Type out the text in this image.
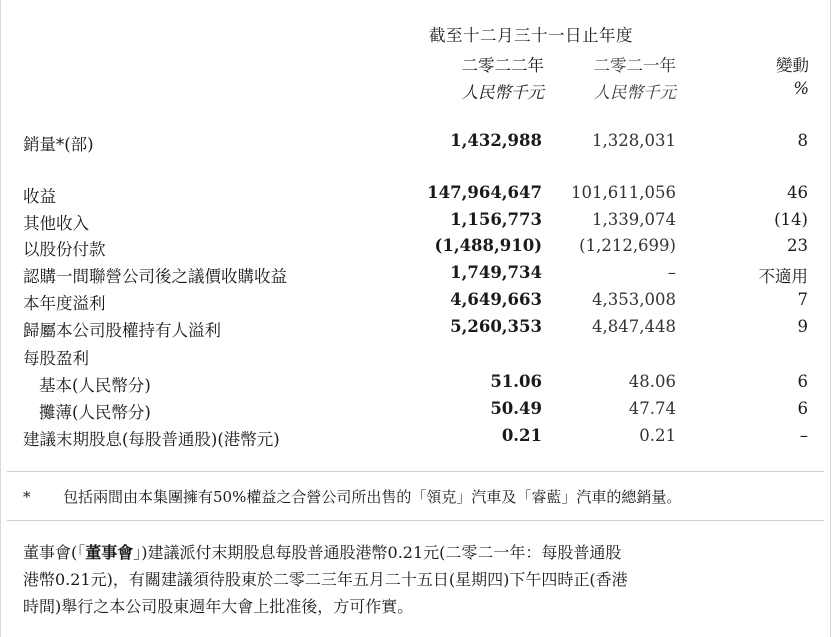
截至十二月三十一日止年度
二零二二年	二零二一年	變動
人民幣千元	人民幣千元	%
銷量*(部)	1,432,988	1,328,031	8
收益	147,964,647 101,611,056	46
其他收入	1,156,773	1,339,074	(14)
以股份付款	(1,488,910) (1,212,699)	23
認購一間聯營公司後之議價收購收益	1,749,734	–	不適用
本年度溢利	4,649,663	4,353,008	7
歸屬本公司股權持有人溢利	5,260,353	4,847,448	9
每股盈利
基本(人民幣分)	51.06	48.06	6
攤薄(人民幣分)	50.49	47.74	6
建議末期股息(每股普通股)(港幣元)	0.21	0.21	–
* 包括兩間由本集團擁有50%權益之合營公司所出售的「領克」汽車及「睿藍」汽車的總銷量。
董事會(「董事會」)建議派付末期股息每股普通股港幣0.21元(二零二一年：每股普通股
港幣0.21元)，有關建議須待股東於二零二三年五月二十五日(星期四)下午四時正(香港
時間)舉行之本公司股東週年大會上批准後，方可作實。
